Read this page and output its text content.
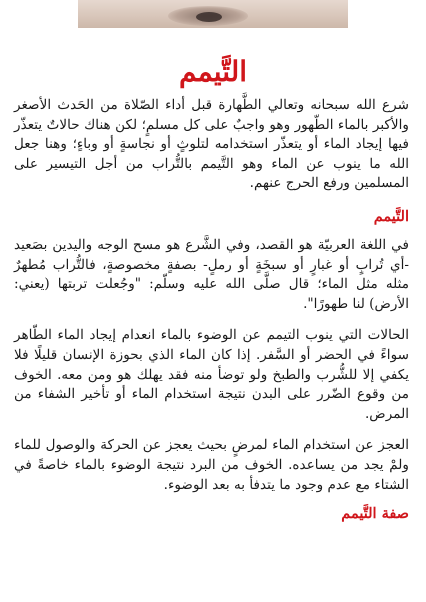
التَّيمم

شرع الله سبحانه وتعالي الطَّهارة قبل أداء الصّلاة من الحَدث الأصغر والأكبر بالماء الطّهور وهو واجبٌ على كل مسلمٍ؛ لكن هناك حالاتٌ يتعذّر فيها إيجاد الماء أو يتعذّر استخدامه لتلوثٍ أو نجاسةٍ أو وباءٍ؛ وهنا جعل الله ما ينوب عن الماء وهو التَّيمم بالتُّراب من أجل التيسير على المسلمين ورفع الحرج عنهم.

التَّيمم

في اللغة العربيّة هو القصد، وفي الشَّرع هو مسح الوجه واليدين بصَعيد -أي تُرابٍ أو غبارٍ أو سبخَةٍ أو رملٍ- بصفةٍ مخصوصةٍ، فالتُّراب مُطهرٌ مثله مثل الماء؛ قال صلَّى الله عليه وسلّم: "وجُعلت تربتها (يعني: الأرض) لنا طهورًا".

الحالات التي ينوب التيمم عن الوضوء بالماء انعدام إيجاد الماء الطّاهر سواءً في الحضر أو السَّفر. إذا كان الماء الذي بحوزة الإنسان قليلًا فلا يكفي إلا للشُّرب والطبخ ولو توضأ منه فقد يهلك هو ومن معه. الخوف من وقوع الضّرر على البدن نتيجة استخدام الماء أو تأخير الشفاء من المرض.

العجز عن استخدام الماء لمرضٍ بحيث يعجز عن الحركة والوصول للماء ولمْ يجد من يساعده. الخوف من البرد نتيجة الوضوء بالماء خاصةً في الشتاء مع عدم وجود ما يتدفأ به بعد الوضوء.

صفة التَّيمم
